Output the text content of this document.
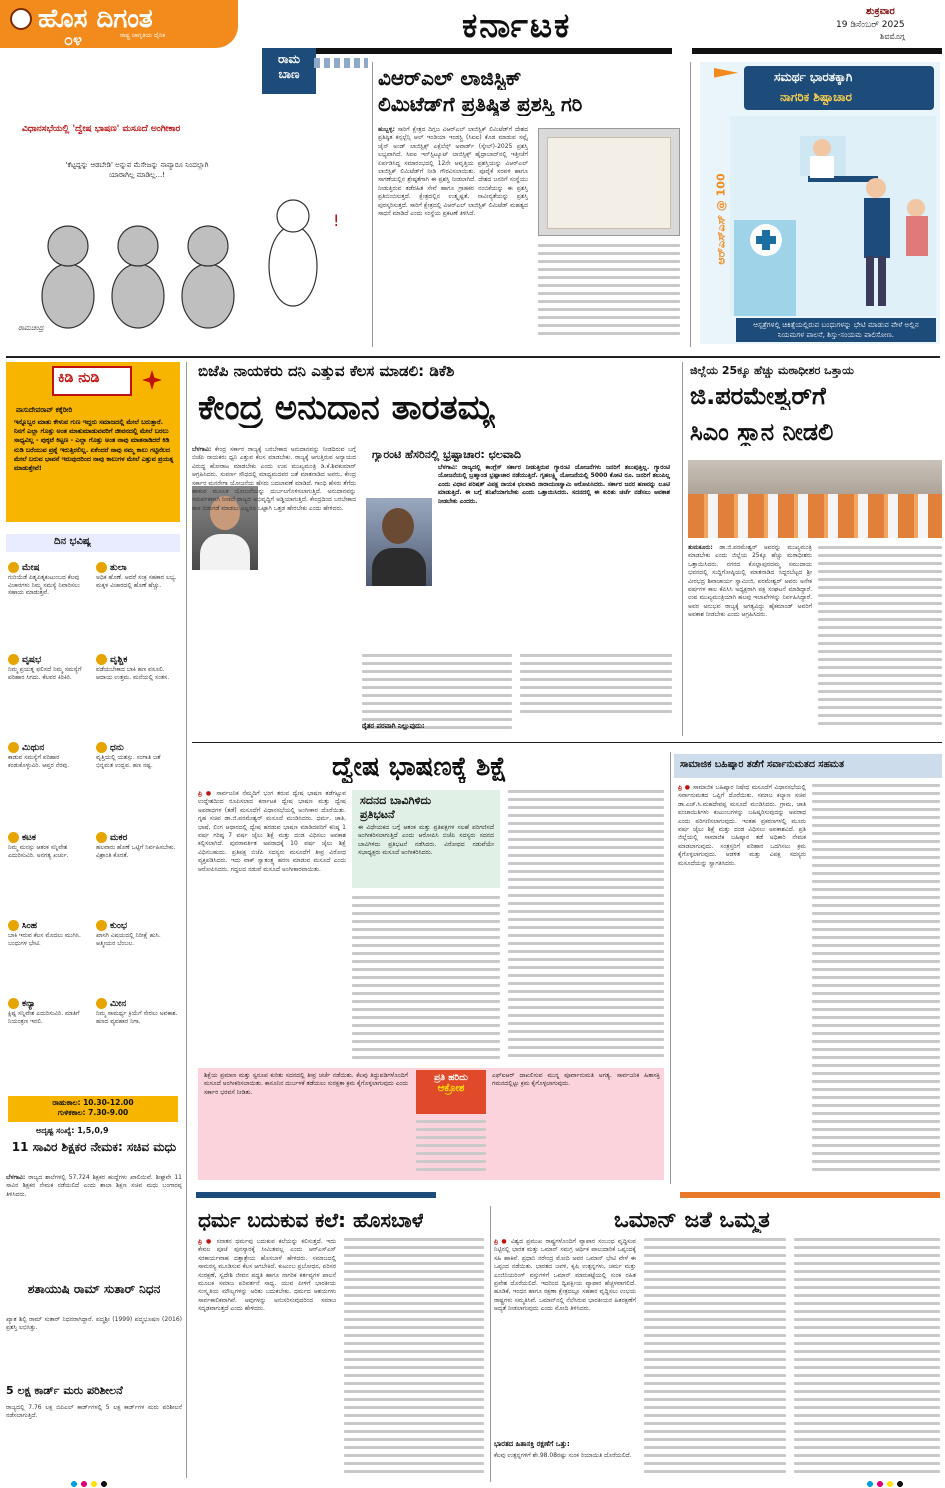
ಹೊಸ ದಿಗಂತ
ರಾಷ್ಟ್ರ ಜಾಗೃತಿಯ ದೈನಿಕ
೦೪	ಕರ್ನಾಟಕ	ಶುಕ್ರವಾರ
19 ಡಿಸೆಂಬರ್ 2025
ಶಿವಮೊಗ್ಗ
ರಾಮ
ಬಾಣ
ವಿಧಾನಸಭೆಯಲ್ಲಿ 'ದ್ವೇಷ ಭಾಷಣ' ಮಸೂದೆ ಅಂಗೀಕಾರ
'ಕೆಟ್ಟದ್ದನ್ನು ಆಡಬೇಡಿ' ಅನ್ನುವ ಮೆಸೇಜನ್ನು ನಾವ್ಯಾರೂ ನಿಂದಲ್ಲಾಗಿ ಯಾರಾಗಿಲ್ಲ ಮಾಡಿಲ್ಲ...!
!
ರಾಮಚಂದ್ರ
ವಿಆರ್‌ಎಲ್ ಲಾಜಿಸ್ಟಿಕ್
ಲಿಮಿಟೆಡ್‌ಗೆ ಪ್ರತಿಷ್ಠಿತ ಪ್ರಶಸ್ತಿ ಗರಿ
ಹುಬ್ಬಳ್ಳಿ: ಸಾರಿಗೆ ಕ್ಷೇತ್ರದ ದಿಗ್ಗಜ ವಿಆರ್‌ಎಲ್ ಲಾಜಿಸ್ಟಿಕ್ ಲಿಮಿಟೆಡ್‌ಗೆ ದೇಶದ ಪ್ರತಿಷ್ಠಿತ ಕನ್ಸಲ್ಟೆನ್ಸಿ ಆಲ್ ಇಂಡಿಯಾ ಇಂಡಸ್ಟ್ರಿ (ಸಿಐಐ) ಕೊಡ ಮಾಡುವ ಸಪ್ಲೈ ಚೈನ್ ಅಂಡ್ ಲಾಜಿಸ್ಟಿಕ್ಸ್ ಎಕ್ಸೆಲೆನ್ಸ್ ಅವಾರ್ಡ್ (ಸ್ಕೇಲ್)-2025 ಪ್ರಶಸ್ತಿ ಲಭ್ಯವಾಗಿದೆ. ಸಿಐಐ ಇನ್‌ಸ್ಟಿಟ್ಯೂಟ್ ಲಾಜಿಸ್ಟಿಕ್ಸ್ ಹೈದ್ರಾಬಾದ್‌ನಲ್ಲಿ ಇತ್ತೀಚೆಗೆ ಏರ್ಪಡಿಸಿದ್ದ ಸಮಾರಂಭದಲ್ಲಿ 12ನೇ ಆವೃತ್ತಿಯ ಪ್ರಶಸ್ತಿಯನ್ನು ವಿಆರ್‌ಎಲ್ ಲಾಜಿಸ್ಟಿಕ್ ಲಿಮಿಟೆಡ್‌ಗೆ ನೀಡಿ ಗೌರವಿಸಲಾಯಿತು. ಪೂರೈಕೆ ಸರಪಳಿ ಹಾಗೂ ಸಾಗಣೆಯಲ್ಲಿನ ಶ್ರೇಷ್ಠತೆಗಾಗಿ ಈ ಪ್ರಶಸ್ತಿ ನೀಡಲಾಗಿದೆ. ದೇಶದ ಜನರಿಗೆ ಸಂಸ್ಥೆಯು ನೀಡುತ್ತಿರುವ ತಡೆರಹಿತ ಸೇವೆ ಹಾಗೂ ಗ್ರಾಹಕರ ನಂಬಿಕೆಯನ್ನು ಈ ಪ್ರಶಸ್ತಿ ಪ್ರತಿಬಿಂಬಿಸುತ್ತದೆ. ಕ್ಷೇತ್ರದಲ್ಲಿನ ಉತ್ಕೃಷ್ಟತೆ, ನಾವೀನ್ಯತೆಯನ್ನು ಪ್ರಶಸ್ತಿ ಪುರಸ್ಕರಿಸುತ್ತದೆ. ಸಾರಿಗೆ ಕ್ಷೇತ್ರದಲ್ಲಿ ವಿಆರ್‌ಎಲ್ ಲಾಜಿಸ್ಟಿಕ್ ಲಿಮಿಟೆಡ್ ಮಹತ್ವದ ಸಾಧನೆ ಮಾಡಿದೆ ಎಂದು ಸಂಸ್ಥೆಯ ಪ್ರಕಟಣೆ ತಿಳಿಸಿದೆ.
ಸಮರ್ಥ ಭಾರತಕ್ಕಾಗಿ
ನಾಗರಿಕ ಶಿಷ್ಟಾಚಾರ
ಆರ್‌ಎಸ್‌ಎಸ್ @ 100
ಆಸ್ಪತ್ರೆಗಳಲ್ಲಿ ಚಿಕಿತ್ಸೆಯಲ್ಲಿರುವ ಬಂಧುಗಳನ್ನು ಭೇಟಿ ಮಾಡುವ ವೇಳೆ ಅಲ್ಲಿನ ನಿಯಮಗಳ ಪಾಲನೆ, ಶಿಸ್ತು-ಸಂಯಮ ಪಾಲಿಸೋಣ.
ಕಿಡಿ ನುಡಿ
ವಾಸುದೇವರಾವ್ ಕಕ್ಕೆರೀರಿ
ಇನ್ನೊಬ್ಬರ ಮಾತು ಕೇಳುವ ಗುಣ ಇದ್ದರು ಸಮಾಜದಲ್ಲಿ ಮೇಲೆ ಬರುತ್ತಾರೆ. ನಿನಗೆ ಎಲ್ಲಾ ಗೊತ್ತು ಅಂತ ಮಾತುಮಾಡುವವರಿಗೆ ಜೀವನದಲ್ಲಿ ಮೇಲೆ ಬರಲು ಸಾಧ್ಯವಿಲ್ಲ - ಪುಕ್ಕಟೆ ಕಿಟ್ಟಣ - ಎಲ್ಲಾ ಗೊತ್ತು ಅಂತ ನಾವು ಮಾತನಾಡಿದರೆ ಕಿಡಿ ನುಡಿ ಬರೆಯುವ ಪ್ರಶ್ನೆ ಇರುತ್ತಿರಲಿಲ್ಲ. ಏಕೆಂದರೆ ನಾವು ನಮ್ಮ ಕಾಲು ಗಟ್ಟಿನೆಲದ ಮೇಲೆ ಬರುವ ಭಾವನೆ ಇರುವುದರಿಂದ ನಾವು ಕಾಲುಗಳ ಮೇಲೆ ಎತ್ತುವ ಪ್ರಯತ್ನ ಮಾಡುತ್ತೇವೆ!
ದಿನ ಭವಿಷ್ಯ
ಮೇಷ
ಗುರಿಯೆಡೆ ಪಿತೃಪಿತೃಕುಟುಂಬದ ಕೆಲವು ವಿಚಾರಗಳು ನಿಮ್ಮ ಸಮಸ್ಯೆ ನಿವಾರಿಸಲು ಸಹಾಯ ಮಾಡುತ್ತವೆ.
ತುಲಾ
ಅಧಿಕ ಹೊಣೆ. ಆದರೆ ಸಂಕ್ರ ಸಹಕಾರ ಲಭ್ಯ. ಮಕ್ಕಳ ವಿಚಾರದಲ್ಲಿ ಹೊಣೆ ಹೆಚ್ಚು.
ವೃಷಭ
ನಿಮ್ಮ ಪ್ರಯತ್ನ ಫಲಿಸದೆ ನಿಮ್ಮ ಸಮಸ್ಯೆಗೆ ಪರಿಹಾರ ಸಿಗದು. ಕೆಲವರ ಕಿರಿಕಿರಿ.
ವೃಶ್ಚಿಕ
ಪಡೆಯಬೇಕಾದ ಬಾಕಿ ಹಣ ವಸೂಲಿ. ಆದಾಯ ಉತ್ತಮ. ಮನೆಯಲ್ಲಿ ಸಂತಸ.
ಮಿಥುನ
ಕಾಡುವ ಸಮಸ್ಯೆಗೆ ಪರಿಹಾರ ಕಂಡುಕೊಳ್ಳುವಿರಿ. ಆಪ್ತರ ನೆರವು.
ಧನು
ವೃತ್ತಿಯಲ್ಲಿ ಯಶಸ್ಸು. ಸಂಗಾತಿ ಜತೆ ಭಿನ್ನಮತ ಉದ್ಭವ. ಹಣ ನಷ್ಟ.
ಕಟಕ
ನಿಮ್ಮ ಮನಸ್ಸು ಆತಂಕ ಸನ್ನಿವೇಶ ಎದುರಿಸುವಿರಿ. ಅನಗತ್ಯ ಖರ್ಚು.
ಮಕರ
ಹಲವಾರು ಹೊಣೆ ಒಟ್ಟಿಗೆ ನಿರ್ವಹಿಸಬೇಕು. ವಿಶ್ರಾಂತಿ ಕೊರತೆ.
ಸಿಂಹ
ಬಾಕಿ ಇರುವ ಕೆಲಸ ಮೊದಲು ಮುಗಿಸಿ. ಬಂಧುಗಳ ಭೇಟಿ.
ಕುಂಭ
ಖಾಸಗಿ ವಿಷಯದಲ್ಲಿ ನಿರೀಕ್ಷೆ ಹುಸಿ. ಆತ್ಮೀಯರ ಬೆಂಬಲ.
ಕನ್ಯಾ
ಕ್ಲಿಷ್ಟ ಸನ್ನಿವೇಶ ಎದುರಿಸುವಿರಿ. ಮಾತಿಗೆ ನಿಯಂತ್ರಣ ಇರಲಿ.
ಮೀನ
ನಿಮ್ಮ ಸಾಮರ್ಥ್ಯ ಕ್ರಿಯೆಗೆ ಸೇರಲು ಅವಕಾಶ. ಹಣದ ವ್ಯವಹಾರ ನಿಗಾ.
ರಾಹುಕಾಲ: 10.30-12.00
ಗುಳಿಕಕಾಲ: 7.30-9.00
ಅದೃಷ್ಟ ಸಂಖ್ಯೆ: 1,5,0,9
11 ಸಾವಿರ ಶಿಕ್ಷಕರ ನೇಮಕ: ಸಚಿವ ಮಧು
ಬೆಳಗಾವಿ: ರಾಜ್ಯದ ಶಾಲೆಗಳಲ್ಲಿ 57,724 ಶಿಕ್ಷಕರ ಹುದ್ದೆಗಳು ಖಾಲಿಯಿವೆ. ಶೀಘ್ರವೇ 11 ಸಾವಿರ ಶಿಕ್ಷಕರ ನೇಮಕ ನಡೆಯಲಿದೆ ಎಂದು ಶಾಲಾ ಶಿಕ್ಷಣ ಸಚಿವ ಮಧು ಬಂಗಾರಪ್ಪ ತಿಳಿಸಿದರು.
ಶತಾಯುಷಿ ರಾಮ್ ಸುತಾರ್ ನಿಧನ
ಖ್ಯಾತ ಶಿಲ್ಪಿ ರಾಮ್ ಸುತಾರ್ ನಿಧನರಾಗಿದ್ದಾರೆ. ಪದ್ಮಶ್ರೀ (1999) ಪದ್ಮಭೂಷಣ (2016) ಪ್ರಶಸ್ತಿ ಲಭಿಸಿತ್ತು.
5 ಲಕ್ಷ ಕಾರ್ಡ್ ಮರು ಪರಿಶೀಲನೆ
ರಾಜ್ಯದಲ್ಲಿ 7.76 ಲಕ್ಷ ಬಿಪಿಎಲ್ ಕಾರ್ಡ್‌ಗಳಲ್ಲಿ 5 ಲಕ್ಷ ಕಾರ್ಡ್‌ಗಳ ಮರು ಪರಿಶೀಲನೆ ನಡೆಸಲಾಗುತ್ತಿದೆ.
ಬಿಜೆಪಿ ನಾಯಕರು ದನಿ ಎತ್ತುವ ಕೆಲಸ ಮಾಡಲಿ: ಡಿಕೆಶಿ
ಕೇಂದ್ರ ಅನುದಾನ ತಾರತಮ್ಯ
ಬೆಳಗಾವಿ: ಕೇಂದ್ರ ಸರ್ಕಾರ ರಾಜ್ಯಕ್ಕೆ ಬರಬೇಕಾದ ಅನುದಾನವನ್ನು ನೀಡದಿರುವ ಬಗ್ಗೆ ಬಿಜೆಪಿ ನಾಯಕರು ಧ್ವನಿ ಎತ್ತುವ ಕೆಲಸ ಮಾಡಬೇಕು. ರಾಜ್ಯಕ್ಕೆ ಆಗುತ್ತಿರುವ ಅನ್ಯಾಯದ ವಿರುದ್ಧ ಹೋರಾಟ ಮಾಡಬೇಕು ಎಂದು ಉಪ ಮುಖ್ಯಮಂತ್ರಿ ಡಿ.ಕೆ.ಶಿವಕುಮಾರ್ ಆಗ್ರಹಿಸಿದರು. ಸುವರ್ಣ ಸೌಧದಲ್ಲಿ ಮಾಧ್ಯಮದವರ ಜತೆ ಮಾತನಾಡಿದ ಅವರು, ಕೇಂದ್ರ ಸರ್ಕಾರ ಮನರೇಗಾ ಯೋಜನೆಯ ಹೆಸರು ಬದಲಾವಣೆ ಮಾಡಿದೆ. ಗಾಂಧಿ ಹೆಸರು ತೆಗೆದು ಹಾಕುವ ಮೂಲಕ ಯೋಜನೆಯನ್ನು ದುರ್ಬಲಗೊಳಿಸಲಾಗುತ್ತಿದೆ. ಅನುದಾನವನ್ನು ಸಮರ್ಪಕವಾಗಿ ನೀಡದೆ ರಾಜ್ಯದ ಅಭಿವೃದ್ಧಿಗೆ ಅಡ್ಡಿಯಾಗುತ್ತಿದೆ. ಕೇಂದ್ರದಿಂದ ಬರಬೇಕಾದ ಹಣ ಬಿಡುಗಡೆ ಮಾಡಲು ಎಲ್ಲರೂ ಒಟ್ಟಾಗಿ ಒತ್ತಡ ಹೇರಬೇಕು ಎಂದು ಹೇಳಿದರು.
ಗ್ಯಾರಂಟಿ ಹೆಸರಿನಲ್ಲಿ ಭ್ರಷ್ಟಾಚಾರ: ಛಲವಾದಿ
ಬೆಳಗಾವಿ: ರಾಜ್ಯದಲ್ಲಿ ಕಾಂಗ್ರೆಸ್ ಸರ್ಕಾರ ನೀಡುತ್ತಿರುವ ಗ್ಯಾರಂಟಿ ಯೋಜನೆಗಳು ಜನರಿಗೆ ತಲುಪುತ್ತಿಲ್ಲ. ಗ್ಯಾರಂಟಿ ಯೋಜನೆಯಲ್ಲಿ ಬ್ರಹ್ಮಾಂಡ ಭ್ರಷ್ಟಾಚಾರ ನಡೆಯುತ್ತಿದೆ. ಗೃಹಲಕ್ಷ್ಮಿ ಯೋಜನೆಯಲ್ಲಿ 5000 ಕೋಟಿ ರೂ. ಜನರಿಗೆ ತಲುಪಿಲ್ಲ ಎಂದು ವಿಧಾನ ಪರಿಷತ್ ವಿಪಕ್ಷ ನಾಯಕ ಛಲವಾದಿ ನಾರಾಯಣಸ್ವಾಮಿ ಆರೋಪಿಸಿದರು. ಸರ್ಕಾರ ಜನರ ಹಣವನ್ನು ಲೂಟಿ ಮಾಡುತ್ತಿದೆ. ಈ ಬಗ್ಗೆ ತನಿಖೆಯಾಗಬೇಕು ಎಂದು ಒತ್ತಾಯಿಸಿದರು. ಸದನದಲ್ಲಿ ಈ ಕುರಿತು ಚರ್ಚೆ ನಡೆಸಲು ಅವಕಾಶ ನೀಡಬೇಕು ಎಂದರು.
ರೈತರ ಪರವಾಗಿ ನಿಲ್ಲುವುದು:
ಜಿಲ್ಲೆಯ 25ಕ್ಕೂ ಹೆಚ್ಚು ಮಠಾಧೀಶರ ಒತ್ತಾಯ
ಜಿ.ಪರಮೇಶ್ವರ್‌ಗೆ
ಸಿಎಂ ಸ್ಥಾನ ನೀಡಲಿ
ತುಮಕೂರು: ಡಾ.ಜಿ.ಪರಮೇಶ್ವರ್ ಅವರನ್ನು ಮುಖ್ಯಮಂತ್ರಿ ಮಾಡಬೇಕು ಎಂದು ಜಿಲ್ಲೆಯ 25ಕ್ಕೂ ಹೆಚ್ಚು ಮಠಾಧೀಶರು ಒತ್ತಾಯಿಸಿದರು. ನಗರದ ಕೊಲ್ಲಾಪುರದಮ್ಮ ಸಮುದಾಯ ಭವನದಲ್ಲಿ ಸುದ್ದಿಗೋಷ್ಠಿಯಲ್ಲಿ ಮಾತನಾಡಿದ ಸಿದ್ದರಬೆಟ್ಟದ ಶ್ರೀ ವೀರಭದ್ರ ಶಿವಾಚಾರ್ಯ ಸ್ವಾಮೀಜಿ, ಪರಮೇಶ್ವರ್ ಅವರು ಅನೇಕ ವರ್ಷಗಳ ಕಾಲ ಕೆಪಿಸಿಸಿ ಅಧ್ಯಕ್ಷರಾಗಿ ಪಕ್ಷ ಸಂಘಟನೆ ಮಾಡಿದ್ದಾರೆ. ಉಪ ಮುಖ್ಯಮಂತ್ರಿಯಾಗಿ ಹಲವು ಇಲಾಖೆಗಳನ್ನು ನಿರ್ವಹಿಸಿದ್ದಾರೆ. ಅವರ ಅನುಭವ ರಾಜ್ಯಕ್ಕೆ ಅಗತ್ಯವಿದ್ದು ಹೈಕಮಾಂಡ್ ಅವರಿಗೆ ಅವಕಾಶ ನೀಡಬೇಕು ಎಂದು ಆಗ್ರಹಿಸಿದರು.
ದ್ವೇಷ ಭಾಷಣಕ್ಕೆ ಶಿಕ್ಷೆ
ಪ್ರಿ ● ಸಾರ್ವಜನಿಕ ನೆಮ್ಮದಿಗೆ ಭಂಗ ತರುವ ದ್ವೇಷ ಭಾಷಣ ತಡೆಗಟ್ಟುವ ಉದ್ದೇಶದಿಂದ ರೂಪಿಸಲಾದ ಕರ್ನಾಟಕ ದ್ವೇಷ ಭಾಷಣ ಮತ್ತು ದ್ವೇಷ ಅಪರಾಧಗಳ (ತಡೆ) ಮಸೂದೆಗೆ ವಿಧಾನಸಭೆಯಲ್ಲಿ ಅಂಗೀಕಾರ ದೊರೆಯಿತು. ಗೃಹ ಸಚಿವ ಡಾ.ಜಿ.ಪರಮೇಶ್ವರ್ ಮಸೂದೆ ಮಂಡಿಸಿದರು. ಧರ್ಮ, ಜಾತಿ, ಭಾಷೆ, ಲಿಂಗ ಆಧಾರದಲ್ಲಿ ದ್ವೇಷ ಹರಡುವ ಭಾಷಣ ಮಾಡಿದವರಿಗೆ ಕನಿಷ್ಠ 1 ವರ್ಷ ಗರಿಷ್ಠ 7 ವರ್ಷ ಜೈಲು ಶಿಕ್ಷೆ ಮತ್ತು ದಂಡ ವಿಧಿಸಲು ಅವಕಾಶ ಕಲ್ಪಿಸಲಾಗಿದೆ. ಪುನರಾವರ್ತಿತ ಅಪರಾಧಕ್ಕೆ 10 ವರ್ಷ ಜೈಲು ಶಿಕ್ಷೆ ವಿಧಿಸಬಹುದು. ಪ್ರತಿಪಕ್ಷ ಬಿಜೆಪಿ ಸದಸ್ಯರು ಮಸೂದೆಗೆ ತೀವ್ರ ವಿರೋಧ ವ್ಯಕ್ತಪಡಿಸಿದರು. ಇದು ವಾಕ್ ಸ್ವಾತಂತ್ರ್ಯ ಹರಣ ಮಾಡುವ ಮಸೂದೆ ಎಂದು ಆರೋಪಿಸಿದರು. ಗದ್ದಲದ ನಡುವೆ ಮಸೂದೆ ಅಂಗೀಕಾರವಾಯಿತು.
ಸದನದ ಬಾವಿಗಿಳಿದು
ಪ್ರತಿಭಟನೆ
ಈ ವಿಧೇಯಕದ ಬಗ್ಗೆ ಆತಂಕ ಮತ್ತು ಪ್ರತಿಪಕ್ಷಗಳ ಸಲಹೆ ಪರಿಗಣಿಸದೆ ಅಂಗೀಕರಿಸಲಾಗುತ್ತಿದೆ ಎಂದು ಆರೋಪಿಸಿ ಬಿಜೆಪಿ ಸದಸ್ಯರು ಸದನದ ಬಾವಿಗಿಳಿದು ಪ್ರತಿಭಟನೆ ನಡೆಸಿದರು. ವಿರೋಧದ ನಡುವೆಯೇ ಸಭಾಧ್ಯಕ್ಷರು ಮಸೂದೆ ಅಂಗೀಕರಿಸಿದರು.
ಶಿಕ್ಷೆಯ ಪ್ರಮಾಣ ಮತ್ತು ಸ್ವರೂಪ ಕುರಿತು ಸದನದಲ್ಲಿ ತೀವ್ರ ಚರ್ಚೆ ನಡೆಯಿತು. ಕೆಲವು ತಿದ್ದುಪಡಿಗಳೊಂದಿಗೆ ಮಸೂದೆ ಅಂಗೀಕರಿಸಲಾಯಿತು. ಕಾನೂನಿನ ದುರ್ಬಳಕೆ ತಡೆಯಲು ಸುರಕ್ಷತಾ ಕ್ರಮ ಕೈಗೊಳ್ಳಲಾಗುವುದು ಎಂದು ಸರ್ಕಾರ ಭರವಸೆ ನೀಡಿತು.
ಪ್ರತಿ ಹರಿದು
ಆಕ್ರೋಶ
ಎಫ್‌ಐಆರ್ ದಾಖಲಿಸುವ ಮುನ್ನ ಪೂರ್ವಾನುಮತಿ ಅಗತ್ಯ. ಸಾರ್ವಜನಿಕ ಹಿತಾಸಕ್ತಿ ಗಮನದಲ್ಲಿಟ್ಟು ಕ್ರಮ ಕೈಗೊಳ್ಳಲಾಗುವುದು.
ಸಾಮಾಜಿಕ ಬಹಿಷ್ಕಾರ ತಡೆಗೆ ಸರ್ವಾನುಮತದ ಸಹಮತ
ಪ್ರಿ ● ಸಾಮಾಜಿಕ ಬಹಿಷ್ಕಾರ ನಿಷೇಧ ಮಸೂದೆಗೆ ವಿಧಾನಸಭೆಯಲ್ಲಿ ಸರ್ವಾನುಮತದ ಒಪ್ಪಿಗೆ ದೊರೆಯಿತು. ಸಮಾಜ ಕಲ್ಯಾಣ ಸಚಿವ ಡಾ.ಎಚ್.ಸಿ.ಮಹದೇವಪ್ಪ ಮಸೂದೆ ಮಂಡಿಸಿದರು. ಗ್ರಾಮ, ಜಾತಿ ಪಂಚಾಯಿತಿಗಳು ಕುಟುಂಬಗಳನ್ನು ಬಹಿಷ್ಕರಿಸುವುದನ್ನು ಅಪರಾಧ ಎಂದು ಪರಿಗಣಿಸಲಾಗುವುದು. ಇಂತಹ ಪ್ರಕರಣಗಳಲ್ಲಿ ಮೂರು ವರ್ಷ ಜೈಲು ಶಿಕ್ಷೆ ಮತ್ತು ದಂಡ ವಿಧಿಸಲು ಅವಕಾಶವಿದೆ. ಪ್ರತಿ ಜಿಲ್ಲೆಯಲ್ಲಿ ಸಾಮಾಜಿಕ ಬಹಿಷ್ಕಾರ ತಡೆ ಅಧಿಕಾರಿ ನೇಮಕ ಮಾಡಲಾಗುವುದು. ಸಂತ್ರಸ್ತರಿಗೆ ಪರಿಹಾರ ಒದಗಿಸಲು ಕ್ರಮ ಕೈಗೊಳ್ಳಲಾಗುವುದು. ಆಡಳಿತ ಮತ್ತು ವಿಪಕ್ಷ ಸದಸ್ಯರು ಮಸೂದೆಯನ್ನು ಸ್ವಾಗತಿಸಿದರು.
ಧರ್ಮ ಬದುಕುವ ಕಲೆ: ಹೊಸಬಾಳೆ
ಪ್ರಿ ● ಸನಾತನ ಧರ್ಮವು ಬದುಕುವ ಕಲೆಯನ್ನು ಕಲಿಸುತ್ತದೆ. ಇದು ಕೇವಲ ಪೂಜೆ ಪುನಸ್ಕಾರಕ್ಕೆ ಸೀಮಿತವಲ್ಲ ಎಂದು ಆರ್‌ಎಸ್‌ಎಸ್ ಸರಕಾರ್ಯವಾಹ ದತ್ತಾತ್ರೇಯ ಹೊಸಬಾಳೆ ಹೇಳಿದರು. ಸಮಾಜದಲ್ಲಿ ಸಾಮರಸ್ಯ ಮೂಡಿಸುವ ಕೆಲಸ ಆಗಬೇಕಿದೆ. ಕುಟುಂಬ ಪ್ರಬೋಧನ, ಪರಿಸರ ಸಂರಕ್ಷಣೆ, ಸ್ವದೇಶಿ ಜೀವನ ಪದ್ಧತಿ ಹಾಗೂ ನಾಗರಿಕ ಕರ್ತವ್ಯಗಳ ಪಾಲನೆ ಮೂಲಕ ಸಮಾಜ ಪರಿವರ್ತನೆ ಸಾಧ್ಯ. ಯುವ ಪೀಳಿಗೆ ಭಾರತೀಯ ಸಂಸ್ಕೃತಿಯ ಮೌಲ್ಯಗಳನ್ನು ಅರಿತು ಬದುಕಬೇಕು. ಧರ್ಮದ ಆಶಯಗಳು ಸಾರ್ವಕಾಲಿಕವಾಗಿವೆ. ಅವುಗಳನ್ನು ಅನುಸರಿಸುವುದರಿಂದ ಸಮಾಜ ಸದೃಢವಾಗುತ್ತದೆ ಎಂದು ಹೇಳಿದರು.
ಒಮಾನ್ ಜತೆ ಒಮ್ಮತ
ಪ್ರಿ ● ವಿಶ್ವದ ಪ್ರಮುಖ ರಾಷ್ಟ್ರಗಳೊಂದಿಗೆ ವ್ಯಾಪಾರ ಸಂಬಂಧ ವೃದ್ಧಿಸುವ ನಿಟ್ಟಿನಲ್ಲಿ ಭಾರತ ಮತ್ತು ಒಮಾನ್ ಸಮಗ್ರ ಆರ್ಥಿಕ ಪಾಲುದಾರಿಕೆ ಒಪ್ಪಂದಕ್ಕೆ ಸಹಿ ಹಾಕಿವೆ. ಪ್ರಧಾನಿ ನರೇಂದ್ರ ಮೋದಿ ಅವರ ಒಮಾನ್ ಭೇಟಿ ವೇಳೆ ಈ ಒಪ್ಪಂದ ನಡೆಯಿತು. ಭಾರತದ ಜವಳಿ, ಕೃಷಿ ಉತ್ಪನ್ನಗಳು, ಚರ್ಮ ಮತ್ತು ಎಂಜಿನಿಯರಿಂಗ್ ವಸ್ತುಗಳಿಗೆ ಒಮಾನ್ ಮಾರುಕಟ್ಟೆಯಲ್ಲಿ ಸುಂಕ ರಹಿತ ಪ್ರವೇಶ ದೊರೆಯಲಿದೆ. ಇದರಿಂದ ದ್ವಿಪಕ್ಷೀಯ ವ್ಯಾಪಾರ ಹೆಚ್ಚಳವಾಗಲಿದೆ. ಹೂಡಿಕೆ, ಇಂಧನ ಹಾಗೂ ರಕ್ಷಣಾ ಕ್ಷೇತ್ರದಲ್ಲೂ ಸಹಕಾರ ವೃದ್ಧಿಸಲು ಉಭಯ ರಾಷ್ಟ್ರಗಳು ಸಮ್ಮತಿಸಿವೆ. ಒಮಾನ್‌ನಲ್ಲಿ ನೆಲೆಸಿರುವ ಭಾರತೀಯರ ಹಿತರಕ್ಷಣೆಗೆ ಆದ್ಯತೆ ನೀಡಲಾಗುವುದು ಎಂದು ಮೋದಿ ತಿಳಿಸಿದರು.
ಭಾರತದ ಹಿತಾಸಕ್ತಿ ರಕ್ಷಣೆಗೆ ಒತ್ತು:
ಕೆಲವು ಉತ್ಪನ್ನಗಳಿಗೆ ಶೇ.98.08ರಷ್ಟು ಸುಂಕ ರಿಯಾಯಿತಿ ದೊರೆಯಲಿದೆ.
